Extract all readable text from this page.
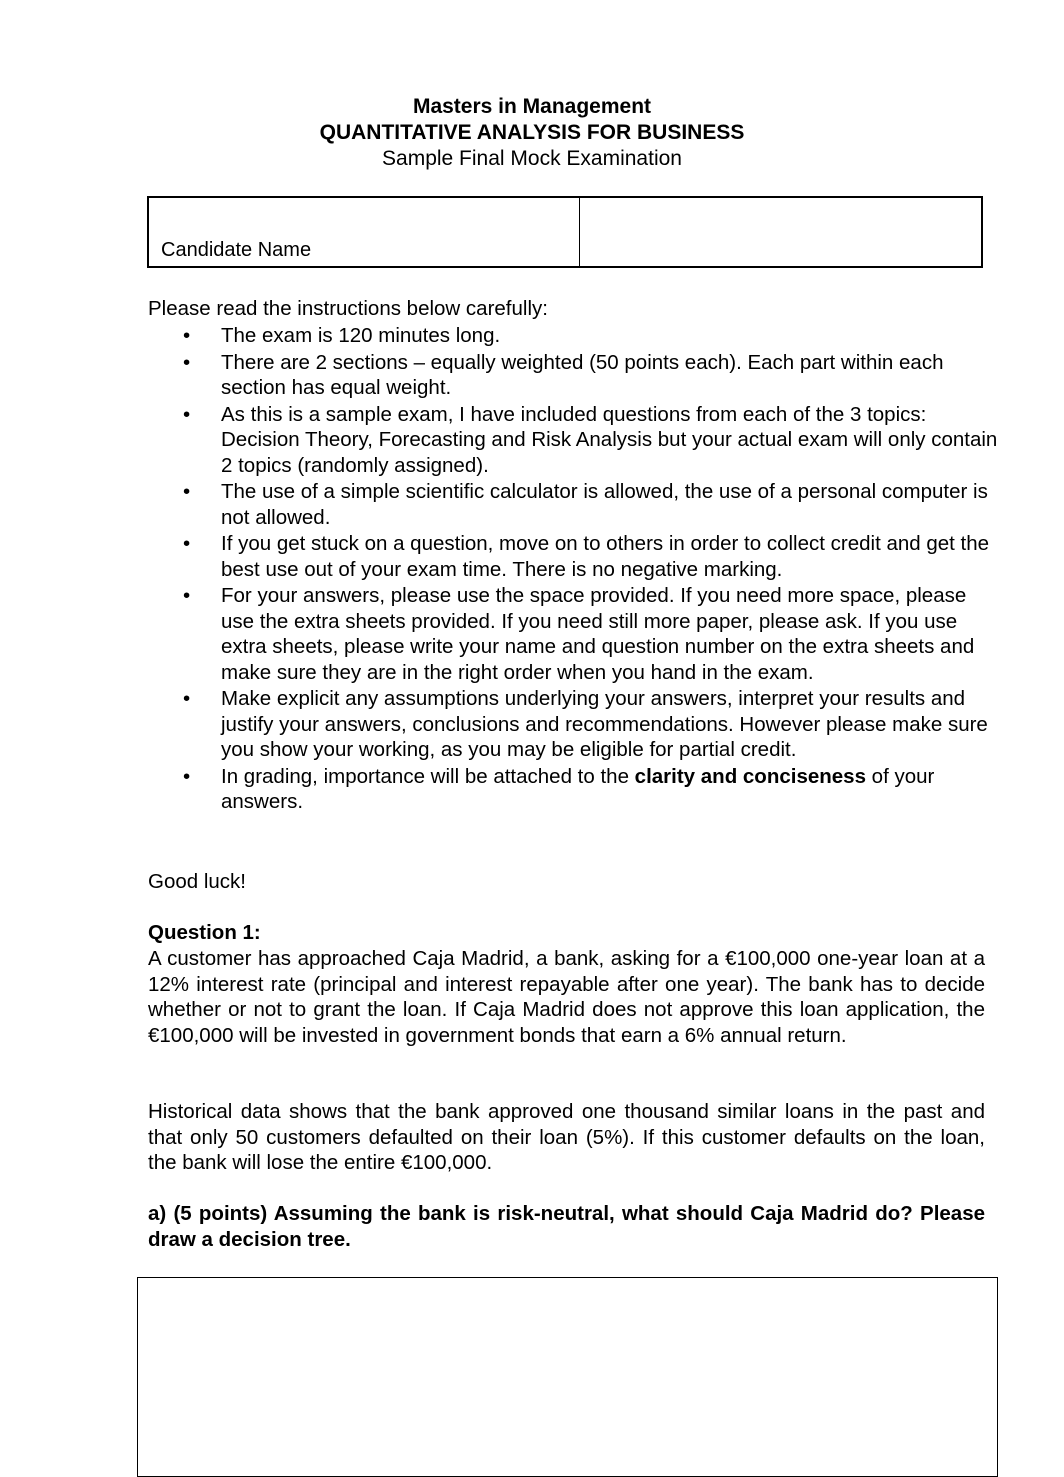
Masters in Management
QUANTITATIVE ANALYSIS FOR BUSINESS
Sample Final Mock Examination
Candidate Name
Please read the instructions below carefully:
• The exam is 120 minutes long.
• There are 2 sections – equally weighted (50 points each). Each part within each section has equal weight.
• As this is a sample exam, I have included questions from each of the 3 topics: Decision Theory, Forecasting and Risk Analysis but your actual exam will only contain 2 topics (randomly assigned).
• The use of a simple scientific calculator is allowed, the use of a personal computer is not allowed.
• If you get stuck on a question, move on to others in order to collect credit and get the best use out of your exam time. There is no negative marking.
• For your answers, please use the space provided. If you need more space, please use the extra sheets provided. If you need still more paper, please ask. If you use extra sheets, please write your name and question number on the extra sheets and make sure they are in the right order when you hand in the exam.
• Make explicit any assumptions underlying your answers, interpret your results and justify your answers, conclusions and recommendations. However please make sure you show your working, as you may be eligible for partial credit.
• In grading, importance will be attached to the clarity and conciseness of your answers.
Good luck!
Question 1:
A customer has approached Caja Madrid, a bank, asking for a €100,000 one-year loan at a 12% interest rate (principal and interest repayable after one year). The bank has to decide whether or not to grant the loan. If Caja Madrid does not approve this loan application, the €100,000 will be invested in government bonds that earn a 6% annual return.
Historical data shows that the bank approved one thousand similar loans in the past and that only 50 customers defaulted on their loan (5%). If this customer defaults on the loan, the bank will lose the entire €100,000.
a) (5 points) Assuming the bank is risk-neutral, what should Caja Madrid do? Please draw a decision tree.
